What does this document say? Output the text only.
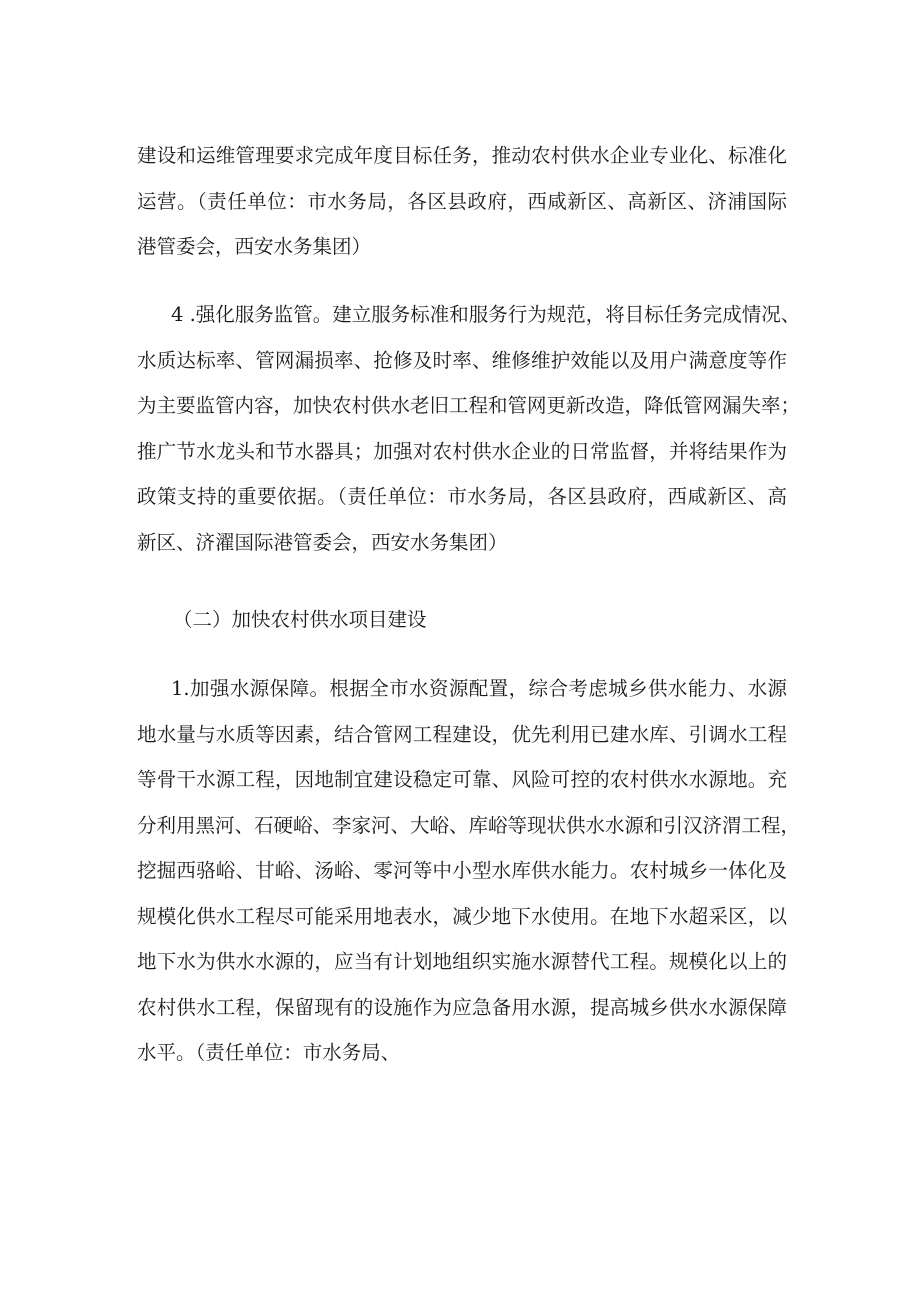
建设和运维管理要求完成年度目标任务，推动农村供水企业专业化、标准化
运营。（责任单位：市水务局，各区县政府，西咸新区、高新区、济浦国际
港管委会，西安水务集团）
4 .强化服务监管。建立服务标准和服务行为规范，将目标任务完成情况、
水质达标率、管网漏损率、抢修及时率、维修维护效能以及用户满意度等作
为主要监管内容，加快农村供水老旧工程和管网更新改造，降低管网漏失率；
推广节水龙头和节水器具；加强对农村供水企业的日常监督，并将结果作为
政策支持的重要依据。（责任单位：市水务局，各区县政府，西咸新区、高
新区、济濯国际港管委会，西安水务集团）
（二）加快农村供水项目建设
1.加强水源保障。根据全市水资源配置，综合考虑城乡供水能力、水源
地水量与水质等因素，结合管网工程建设，优先利用已建水库、引调水工程
等骨干水源工程，因地制宜建设稳定可靠、风险可控的农村供水水源地。充
分利用黑河、石硬峪、李家河、大峪、库峪等现状供水水源和引汉济渭工程，
挖掘西骆峪、甘峪、汤峪、零河等中小型水库供水能力。农村城乡一体化及
规模化供水工程尽可能采用地表水，减少地下水使用。在地下水超采区，以
地下水为供水水源的，应当有计划地组织实施水源替代工程。规模化以上的
农村供水工程，保留现有的设施作为应急备用水源，提高城乡供水水源保障
水平。（责任单位：市水务局、
